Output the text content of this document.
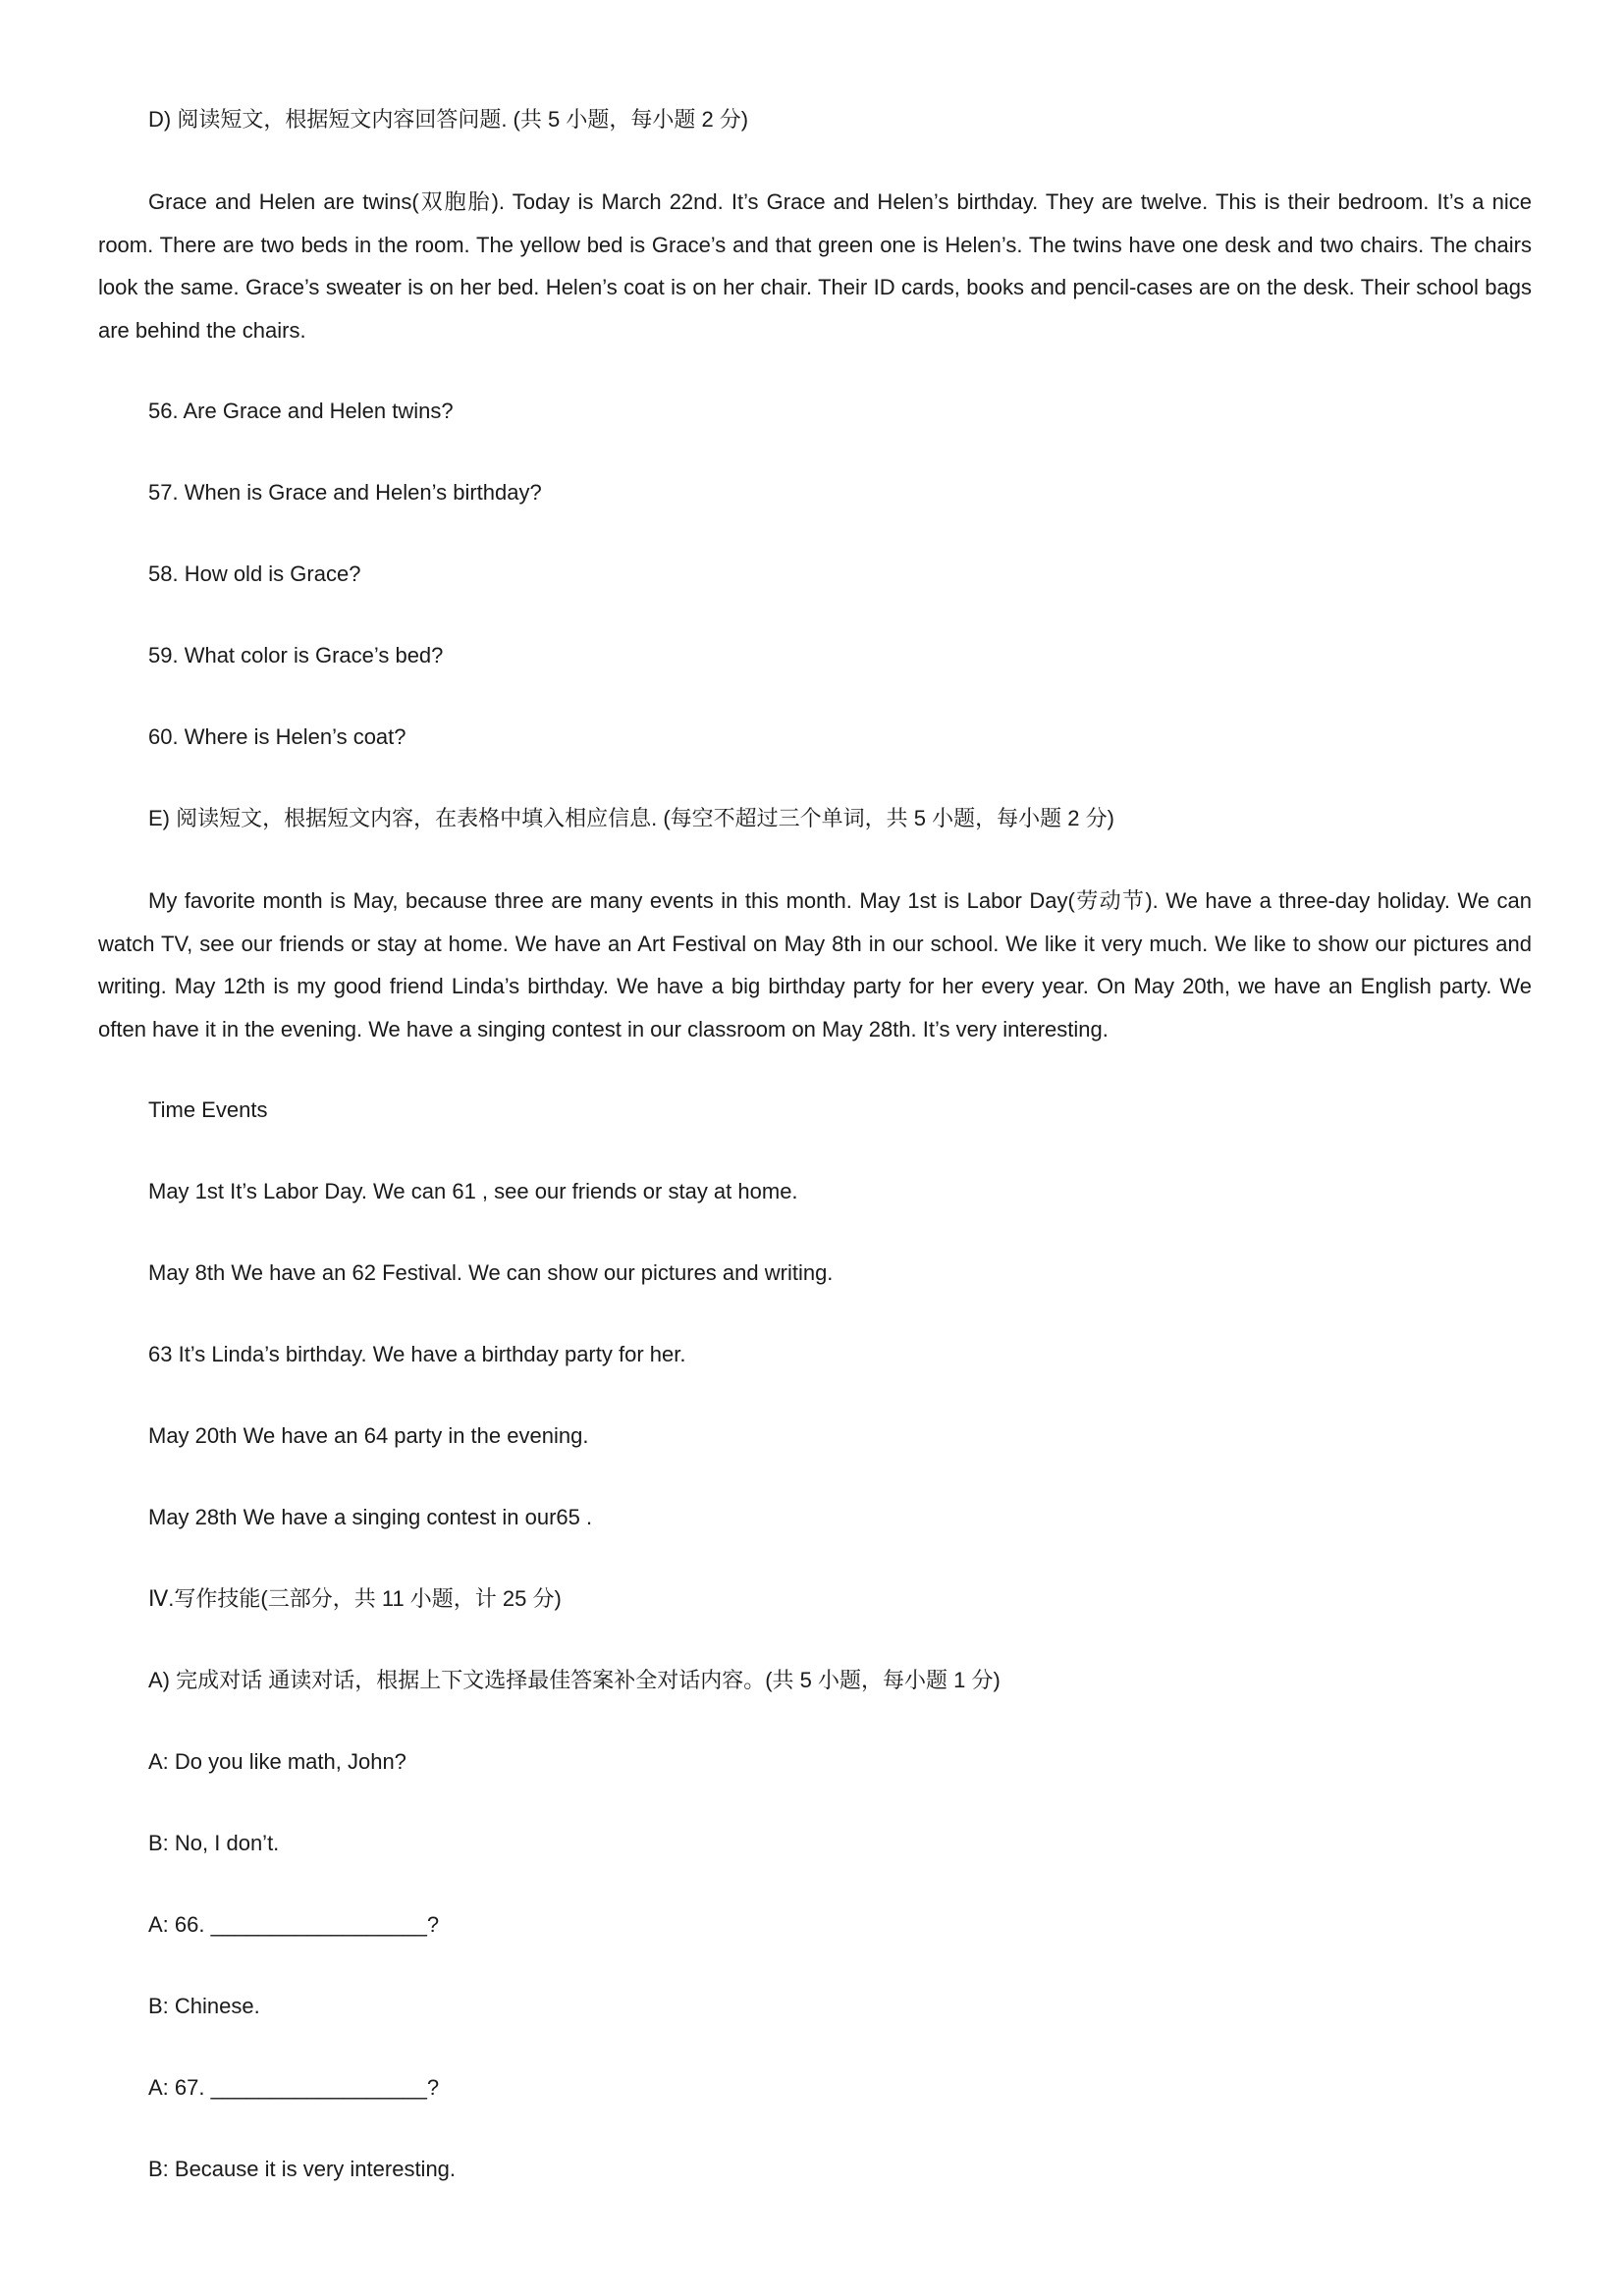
D) 阅读短文，根据短文内容回答问题. (共 5 小题，每小题 2 分)

Grace and Helen are twins(双胞胎). Today is March 22nd. It’s Grace and Helen’s birthday. They are twelve. This is their bedroom. It’s a nice room. There are two beds in the room. The yellow bed is Grace’s and that green one is Helen’s. The twins have one desk and two chairs. The chairs look the same. Grace’s sweater is on her bed. Helen’s coat is on her chair. Their ID cards, books and pencil-cases are on the desk. Their school bags are behind the chairs.

56. Are Grace and Helen twins?
57. When is Grace and Helen’s birthday?
58. How old is Grace?
59. What color is Grace’s bed?
60. Where is Helen’s coat?
E) 阅读短文，根据短文内容，在表格中填入相应信息. (每空不超过三个单词，共 5 小题，每小题 2 分)

My favorite month is May, because three are many events in this month. May 1st is Labor Day(劳动节). We have a three-day holiday. We can watch TV, see our friends or stay at home. We have an Art Festival on May 8th in our school. We like it very much. We like to show our pictures and writing. May 12th is my good friend Linda’s birthday. We have a big birthday party for her every year. On May 20th, we have an English party. We often have it in the evening. We have a singing contest in our classroom on May 28th. It’s very interesting.

Time Events
May 1st It’s Labor Day. We can 61 , see our friends or stay at home.
May 8th We have an 62 Festival. We can show our pictures and writing.
63 It’s Linda’s birthday. We have a birthday party for her.
May 20th We have an 64 party in the evening.
May 28th We have a singing contest in our65 .
Ⅳ.写作技能(三部分，共 11 小题，计 25 分)
A) 完成对话 通读对话，根据上下文选择最佳答案补全对话内容。(共 5 小题，每小题 1 分)
A: Do you like math, John?
B: No, I don’t.
A: 66. __________________?
B: Chinese.
A: 67. __________________?
B: Because it is very interesting.
